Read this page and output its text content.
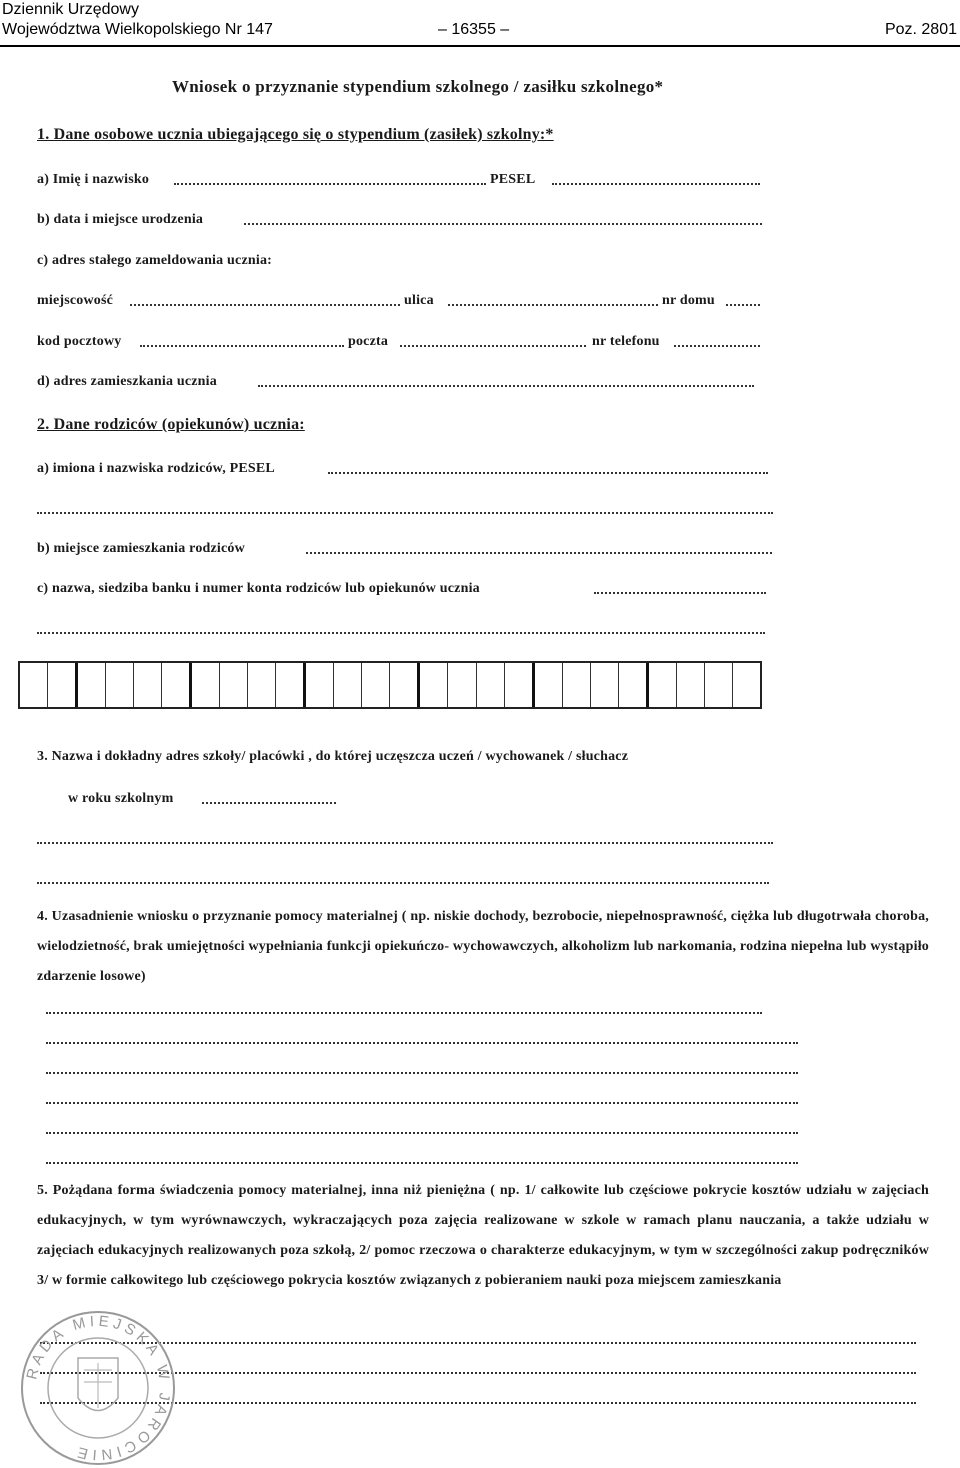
Dziennik Urzędowy
Województwa Wielkopolskiego Nr 147	– 16355 –	Poz. 2801
Wniosek o przyznanie stypendium szkolnego / zasiłku szkolnego*
1. Dane osobowe ucznia ubiegającego się o stypendium (zasiłek) szkolny:*
a) Imię i nazwisko	PESEL
b) data i miejsce urodzenia
c) adres stałego zameldowania ucznia:
miejscowość	ulica	nr domu
kod pocztowy	poczta	nr telefonu
d) adres zamieszkania ucznia
2. Dane rodziców (opiekunów) ucznia:
a) imiona i nazwiska rodziców, PESEL
b) miejsce zamieszkania rodziców
c) nazwa, siedziba banku i numer konta rodziców lub opiekunów ucznia
3. Nazwa i dokładny adres szkoły/ placówki , do której uczęszcza uczeń / wychowanek / słuchacz
w roku szkolnym
4. Uzasadnienie wniosku o przyznanie pomocy materialnej ( np. niskie dochody, bezrobocie, niepełnosprawność, ciężka lub długotrwała choroba, wielodzietność, brak umiejętności wypełniania funkcji opiekuńczo- wychowawczych, alkoholizm lub narkomania, rodzina niepełna lub wystąpiło zdarzenie losowe)
5. Pożądana forma świadczenia pomocy materialnej, inna niż pieniężna ( np. 1/ całkowite lub częściowe pokrycie kosztów udziału w zajęciach edukacyjnych, w tym wyrównawczych, wykraczających poza zajęcia realizowane w szkole w ramach planu nauczania, a także udziału w zajęciach edukacyjnych realizowanych poza szkołą, 2/ pomoc rzeczowa o charakterze edukacyjnym, w tym w szczególności zakup podręczników 3/ w formie całkowitego lub częściowego pokrycia kosztów związanych z pobieraniem nauki poza miejscem zamieszkania
RADA MIEJSKA W JAROCINIE
